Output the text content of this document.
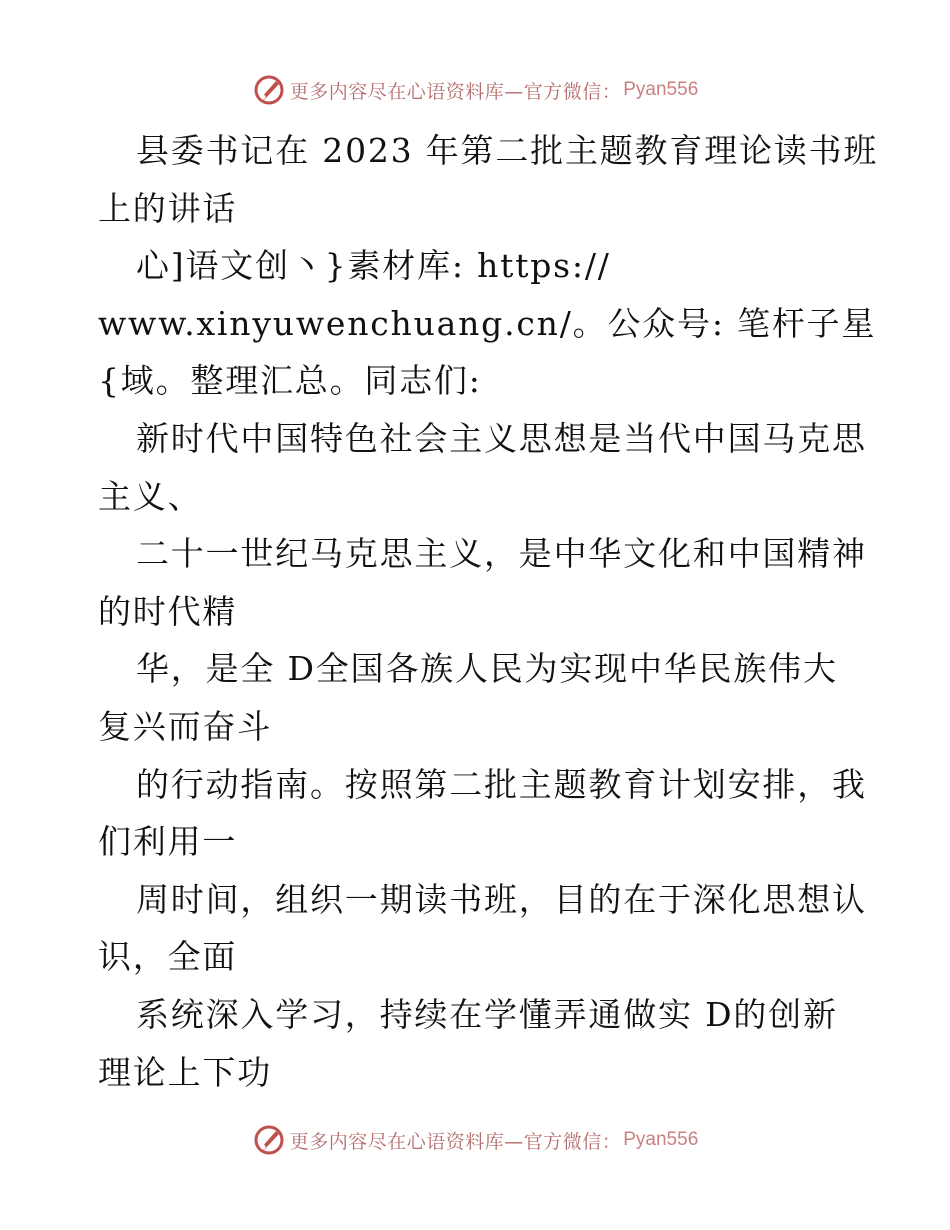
更多内容尽在心语资料库—官方微信： Pyan556
县委书记在 2023 年第二批主题教育理论读书班
上的讲话
心]语文创丶}素材库: https://
www.xinyuwenchuang.cn/。公众号: 笔杆子星
{域。整理汇总。同志们:
新时代中国特色社会主义思想是当代中国马克思
主义、
二十一世纪马克思主义，是中华文化和中国精神
的时代精
华，是全 D全国各族人民为实现中华民族伟大
复兴而奋斗
的行动指南。按照第二批主题教育计划安排，我
们利用一
周时间，组织一期读书班，目的在于深化思想认
识，全面
系统深入学习，持续在学懂弄通做实 D的创新
理论上下功
更多内容尽在心语资料库—官方微信： Pyan556
